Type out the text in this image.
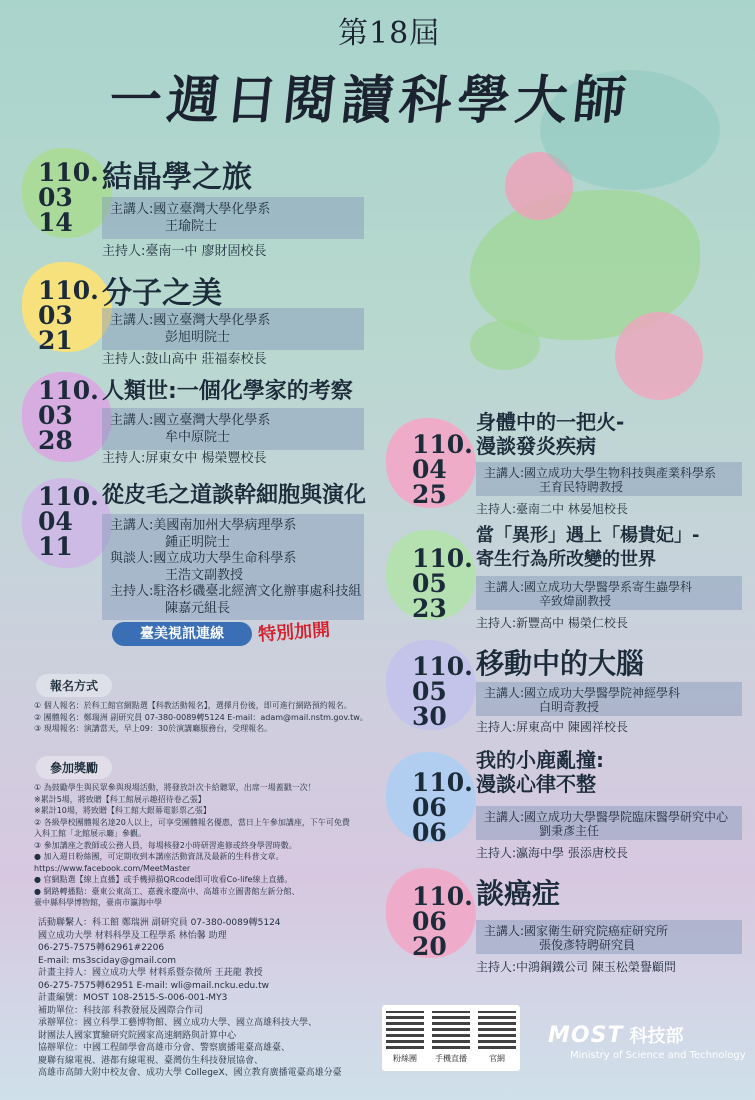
第18屆
一週日閱讀科學大師
110.
03
14
結晶學之旅
主講人:國立臺灣大學化學系
王瑜院士
主持人:臺南一中 廖財固校長
110.
03
21
分子之美
主講人:國立臺灣大學化學系
彭旭明院士
主持人:鼓山高中 莊福泰校長
110.
03
28
人類世:一個化學家的考察
主講人:國立臺灣大學化學系
牟中原院士
主持人:屏東女中 楊榮豐校長
110.
04
11
從皮毛之道談幹細胞與演化
主講人:美國南加州大學病理學系
鍾正明院士
與談人:國立成功大學生命科學系
王浩文副教授
主持人:駐洛杉磯臺北經濟文化辦事處科技組
陳嘉元組長
臺美視訊連線	特別加開
110.
04
25
身體中的一把火-
漫談發炎疾病
主講人:國立成功大學生物科技與產業科學系
王育民特聘教授
主持人:臺南二中 林晏旭校長
110.
05
23
當「異形」遇上「楊貴妃」-
寄生行為所改變的世界
主講人:國立成功大學醫學系寄生蟲學科
辛致煒副教授
主持人:新豐高中 楊榮仁校長
110.
05
30
移動中的大腦
主講人:國立成功大學醫學院神經學科
白明奇教授
主持人:屏東高中 陳國祥校長
110.
06
06
我的小鹿亂撞:
漫談心律不整
主講人:國立成功大學醫學院臨床醫學研究中心
劉秉彥主任
主持人:瀛海中學 張添唐校長
110.
06
20
談癌症
主講人:國家衛生研究院癌症研究所
張俊彥特聘研究員
主持人:中鴻鋼鐵公司 陳玉松榮譽顧問
報名方式
① 個人報名：於科工館官網點選【科教活動報名】，選擇月份後，即可進行網路預約報名。
② 團體報名：鄭瑞洲 副研究員 07-380-0089轉5124 E-mail：adam@mail.nstm.gov.tw。
③ 現場報名：演講當天，早上09：30於演講廳服務台，受理報名。
參加獎勵
① 為鼓勵學生與民眾參與現場活動，將發放計次卡給聽眾，出席一場蓋戳一次！
※累計5場，將致贈【科工館展示趣招待卷乙張】
※累計10場，將致贈【科工館大銀幕電影票乙張】
② 各級學校團體報名達20人以上，可享受團體報名優惠，當日上午參加講座，下午可免費
入科工館「北館展示廳」參觀。
③ 參加講座之教師或公務人員，每場核發2小時研習進修或終身學習時數。
● 加入週日粉絲團，可定期收到本講座活動資訊及最新的生科普文章。
https://www.facebook.com/MeetMaster
● 官網點選【線上直播】或手機掃描QRcode即可收看Co-life線上直播。
● 網路轉播點：臺東公東高工、嘉義永慶高中、高雄市立圖書館左新分館、
臺中縣科學博物館，臺南市瀛海中學
活動聯繫人：科工館 鄭瑞洲 副研究員 07-380-0089轉5124
國立成功大學 材料科學及工程學系 林怡馨 助理
06-275-7575轉62961#2206
E-mail: ms3sciday@gmail.com
計畫主持人：國立成功大學 材料系暨奈微所 王茈龍 教授
06-275-7575轉62951 E-mail: wli@mail.ncku.edu.tw
計畫編號：MOST 108-2515-S-006-001-MY3
補助單位：科技部 科教發展及國際合作司
承辦單位：國立科學工藝博物館、國立成功大學、國立高雄科技大學、
財團法人國家實驗研究院國家高速網路與計算中心
協辦單位：中國工程師學會高雄市分會、警察廣播電臺高雄臺、
慶聯有線電視、港都有線電視、臺灣仿生科技發展協會、
高雄市高師大附中校友會、成功大學 CollegeX、國立教育廣播電臺高雄分臺
粉絲團	手機直播	官網
MOST 科技部
Ministry of Science and Technology
